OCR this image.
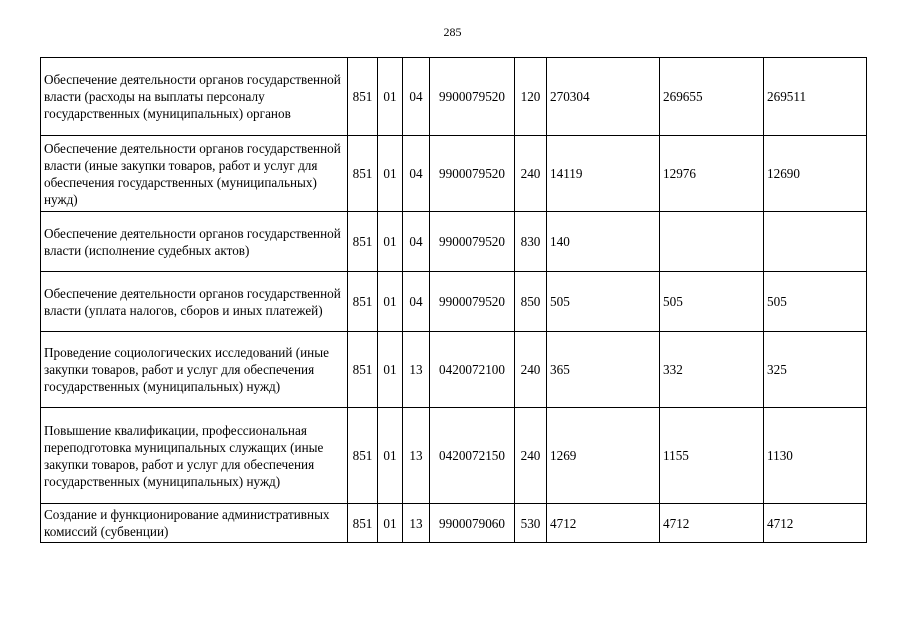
285
Обеспечение деятельности органов государственной власти (расходы на выплаты персоналу государственных (муниципальных) органов	851	01	04	9900079520	120	270304	269655	269511
Обеспечение деятельности органов государственной власти (иные закупки товаров, работ и услуг для обеспечения государственных (муниципальных) нужд)	851	01	04	9900079520	240	14119	12976	12690
Обеспечение деятельности органов государственной власти (исполнение судебных актов)	851	01	04	9900079520	830	140		
Обеспечение деятельности органов государственной власти (уплата налогов, сборов и иных платежей)	851	01	04	9900079520	850	505	505	505
Проведение социологических исследований (иные закупки товаров, работ и услуг для обеспечения государственных (муниципальных) нужд)	851	01	13	0420072100	240	365	332	325
Повышение квалификации, профессиональная переподготовка муниципальных служащих (иные закупки товаров, работ и услуг для обеспечения государственных (муниципальных) нужд)	851	01	13	0420072150	240	1269	1155	1130
Создание и функционирование административных комиссий (субвенции)	851	01	13	9900079060	530	4712	4712	4712
